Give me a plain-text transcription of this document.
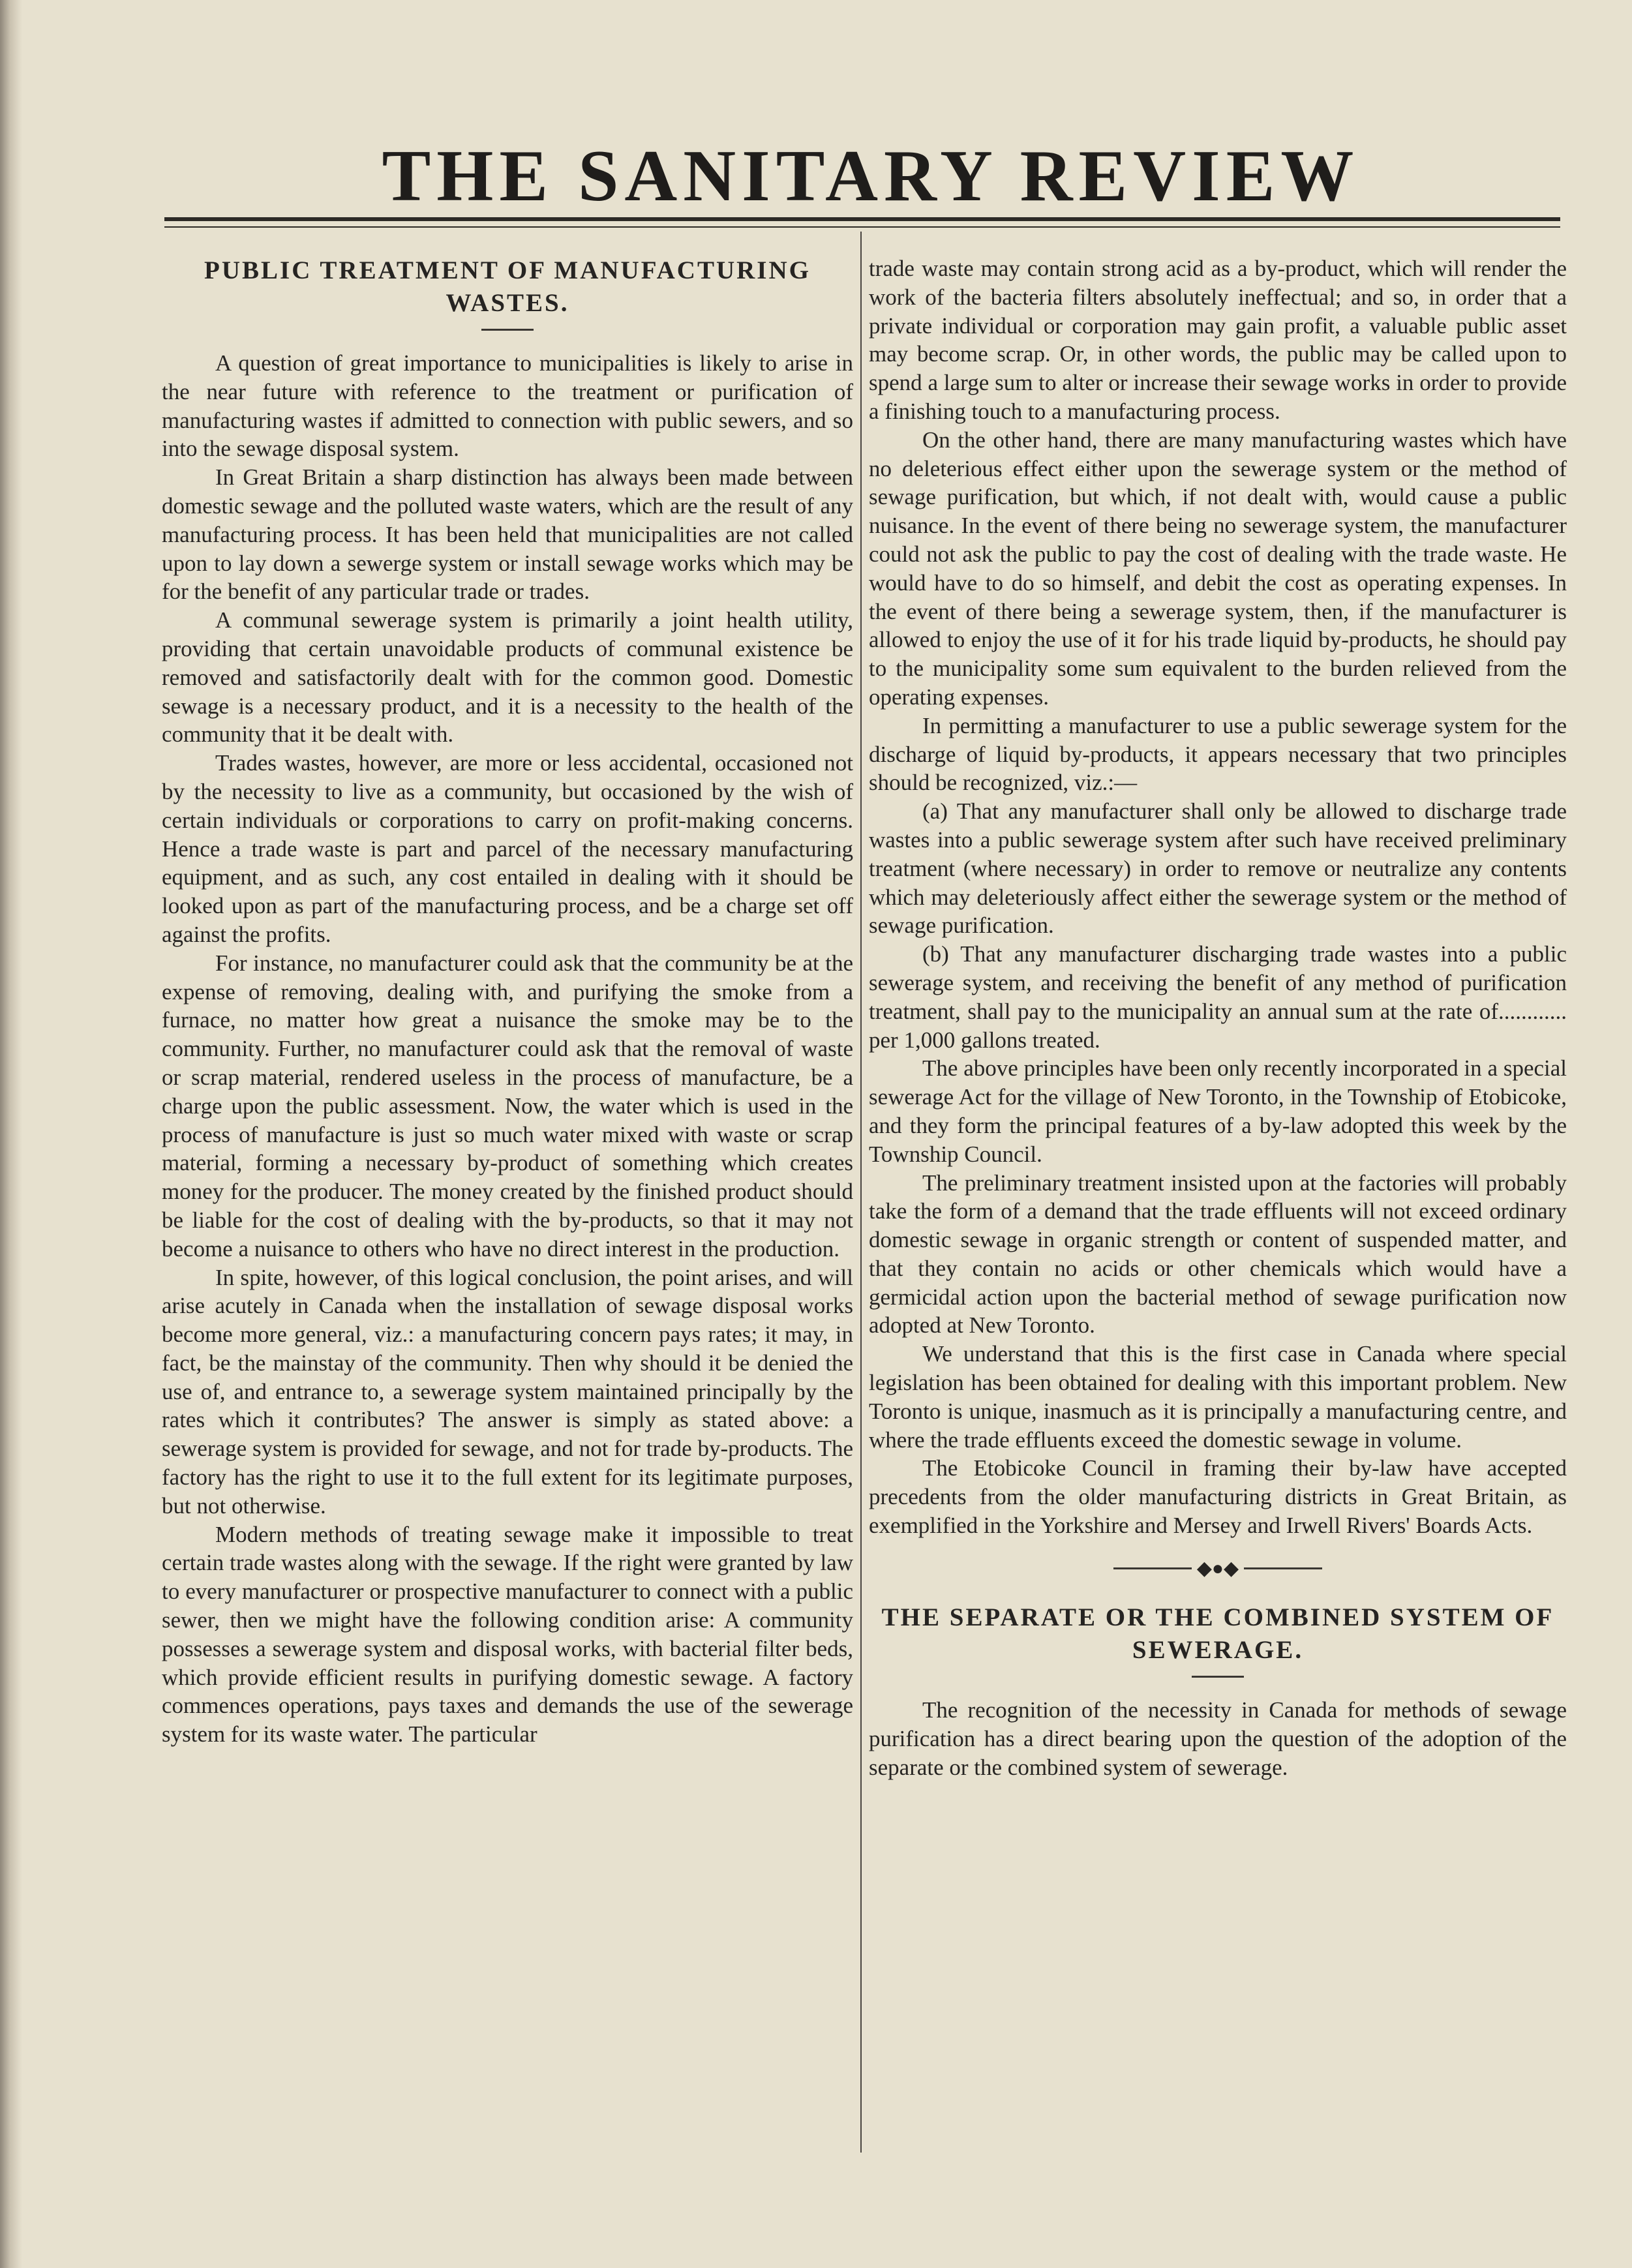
THE SANITARY REVIEW
PUBLIC TREATMENT OF MANUFACTURING WASTES.

A question of great importance to municipalities is likely to arise in the near future with reference to the treatment or purification of manufacturing wastes if admitted to connection with public sewers, and so into the sewage disposal system.

In Great Britain a sharp distinction has always been made between domestic sewage and the polluted waste waters, which are the result of any manufacturing process. It has been held that municipalities are not called upon to lay down a sewerge system or install sewage works which may be for the benefit of any particular trade or trades.

A communal sewerage system is primarily a joint health utility, providing that certain unavoidable products of communal existence be removed and satisfactorily dealt with for the common good. Domestic sewage is a necessary product, and it is a necessity to the health of the community that it be dealt with.

Trades wastes, however, are more or less accidental, occasioned not by the necessity to live as a community, but occasioned by the wish of certain individuals or corporations to carry on profit-making concerns. Hence a trade waste is part and parcel of the necessary manufacturing equipment, and as such, any cost entailed in dealing with it should be looked upon as part of the manufacturing process, and be a charge set off against the profits.

For instance, no manufacturer could ask that the community be at the expense of removing, dealing with, and purifying the smoke from a furnace, no matter how great a nuisance the smoke may be to the community. Further, no manufacturer could ask that the removal of waste or scrap material, rendered useless in the process of manufacture, be a charge upon the public assessment. Now, the water which is used in the process of manufacture is just so much water mixed with waste or scrap material, forming a necessary by-product of something which creates money for the producer. The money created by the finished product should be liable for the cost of dealing with the by-products, so that it may not become a nuisance to others who have no direct interest in the production.

In spite, however, of this logical conclusion, the point arises, and will arise acutely in Canada when the installation of sewage disposal works become more general, viz.: a manufacturing concern pays rates; it may, in fact, be the mainstay of the community. Then why should it be denied the use of, and entrance to, a sewerage system maintained principally by the rates which it contributes? The answer is simply as stated above: a sewerage system is provided for sewage, and not for trade by-products. The factory has the right to use it to the full extent for its legitimate purposes, but not otherwise.

Modern methods of treating sewage make it impossible to treat certain trade wastes along with the sewage. If the right were granted by law to every manufacturer or prospective manufacturer to connect with a public sewer, then we might have the following condition arise: A community possesses a sewerage system and disposal works, with bacterial filter beds, which provide efficient results in purifying domestic sewage. A factory commences operations, pays taxes and demands the use of the sewerage system for its waste water. The particular

trade waste may contain strong acid as a by-product, which will render the work of the bacteria filters absolutely ineffectual; and so, in order that a private individual or corporation may gain profit, a valuable public asset may become scrap. Or, in other words, the public may be called upon to spend a large sum to alter or increase their sewage works in order to provide a finishing touch to a manufacturing process.

On the other hand, there are many manufacturing wastes which have no deleterious effect either upon the sewerage system or the method of sewage purification, but which, if not dealt with, would cause a public nuisance. In the event of there being no sewerage system, the manufacturer could not ask the public to pay the cost of dealing with the trade waste. He would have to do so himself, and debit the cost as operating expenses. In the event of there being a sewerage system, then, if the manufacturer is allowed to enjoy the use of it for his trade liquid by-products, he should pay to the municipality some sum equivalent to the burden relieved from the operating expenses.

In permitting a manufacturer to use a public sewerage system for the discharge of liquid by-products, it appears necessary that two principles should be recognized, viz.:—

(a) That any manufacturer shall only be allowed to discharge trade wastes into a public sewerage system after such have received preliminary treatment (where necessary) in order to remove or neutralize any contents which may deleteriously affect either the sewerage system or the method of sewage purification.

(b) That any manufacturer discharging trade wastes into a public sewerage system, and receiving the benefit of any method of purification treatment, shall pay to the municipality an annual sum at the rate of............ per 1,000 gallons treated.

The above principles have been only recently incorporated in a special sewerage Act for the village of New Toronto, in the Township of Etobicoke, and they form the principal features of a by-law adopted this week by the Township Council.

The preliminary treatment insisted upon at the factories will probably take the form of a demand that the trade effluents will not exceed ordinary domestic sewage in organic strength or content of suspended matter, and that they contain no acids or other chemicals which would have a germicidal action upon the bacterial method of sewage purification now adopted at New Toronto.

We understand that this is the first case in Canada where special legislation has been obtained for dealing with this important problem. New Toronto is unique, inasmuch as it is principally a manufacturing centre, and where the trade effluents exceed the domestic sewage in volume.

The Etobicoke Council in framing their by-law have accepted precedents from the older manufacturing districts in Great Britain, as exemplified in the Yorkshire and Mersey and Irwell Rivers' Boards Acts.

◆●◆
THE SEPARATE OR THE COMBINED SYSTEM OF SEWERAGE.

The recognition of the necessity in Canada for methods of sewage purification has a direct bearing upon the question of the adoption of the separate or the combined system of sewerage.
